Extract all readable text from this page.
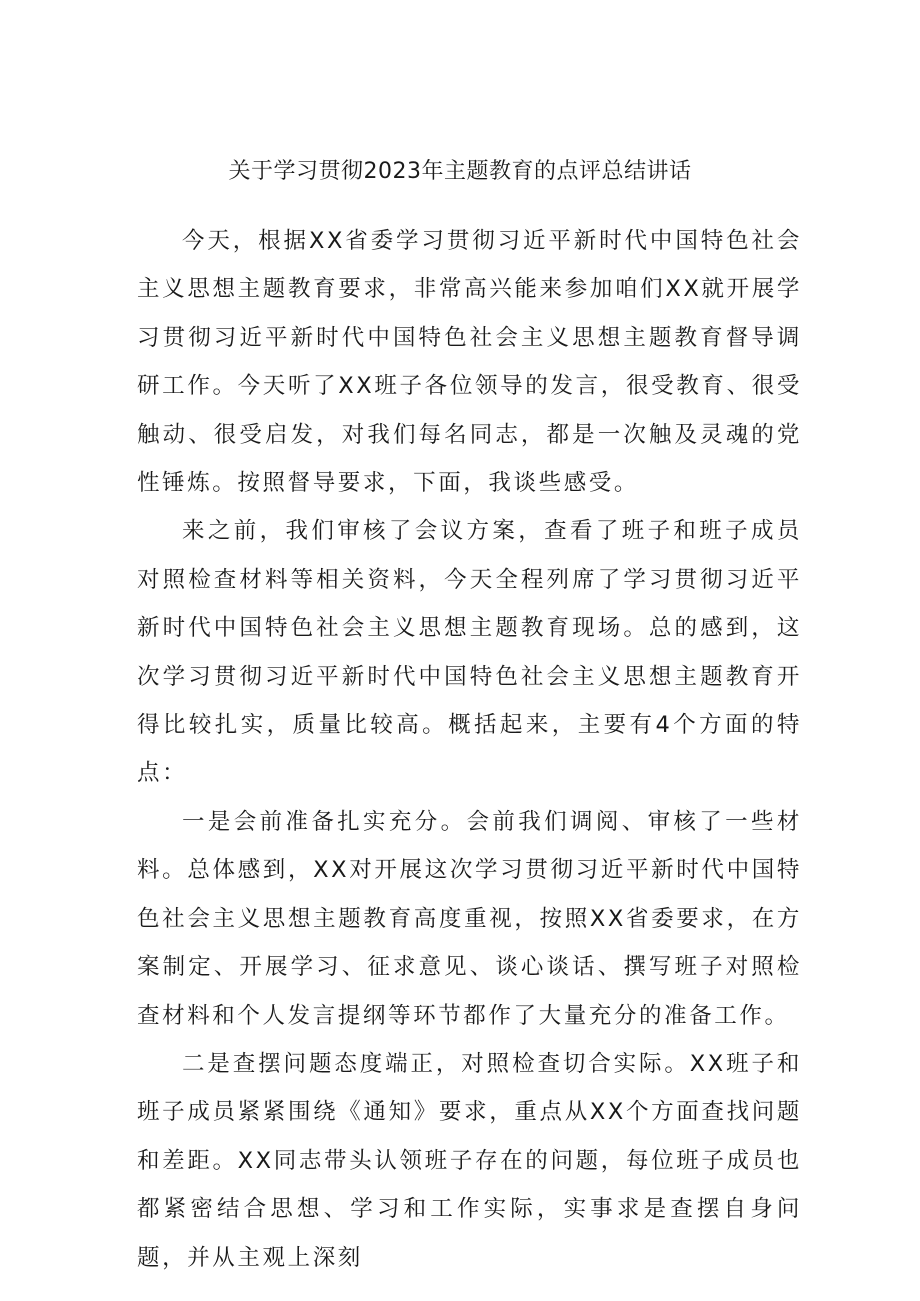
关于学习贯彻2023年主题教育的点评总结讲话

今天，根据XX省委学习贯彻习近平新时代中国特色社会主义思想主题教育要求，非常高兴能来参加咱们XX就开展学习贯彻习近平新时代中国特色社会主义思想主题教育督导调研工作。今天听了XX班子各位领导的发言，很受教育、很受触动、很受启发，对我们每名同志，都是一次触及灵魂的党性锤炼。按照督导要求，下面，我谈些感受。

来之前，我们审核了会议方案，查看了班子和班子成员对照检查材料等相关资料，今天全程列席了学习贯彻习近平新时代中国特色社会主义思想主题教育现场。总的感到，这次学习贯彻习近平新时代中国特色社会主义思想主题教育开得比较扎实，质量比较高。概括起来，主要有4个方面的特点：

一是会前准备扎实充分。会前我们调阅、审核了一些材料。总体感到，XX对开展这次学习贯彻习近平新时代中国特色社会主义思想主题教育高度重视，按照XX省委要求，在方案制定、开展学习、征求意见、谈心谈话、撰写班子对照检查材料和个人发言提纲等环节都作了大量充分的准备工作。

二是查摆问题态度端正，对照检查切合实际。XX班子和班子成员紧紧围绕《通知》要求，重点从XX个方面查找问题和差距。XX同志带头认领班子存在的问题，每位班子成员也都紧密结合思想、学习和工作实际，实事求是查摆自身问题，并从主观上深刻
